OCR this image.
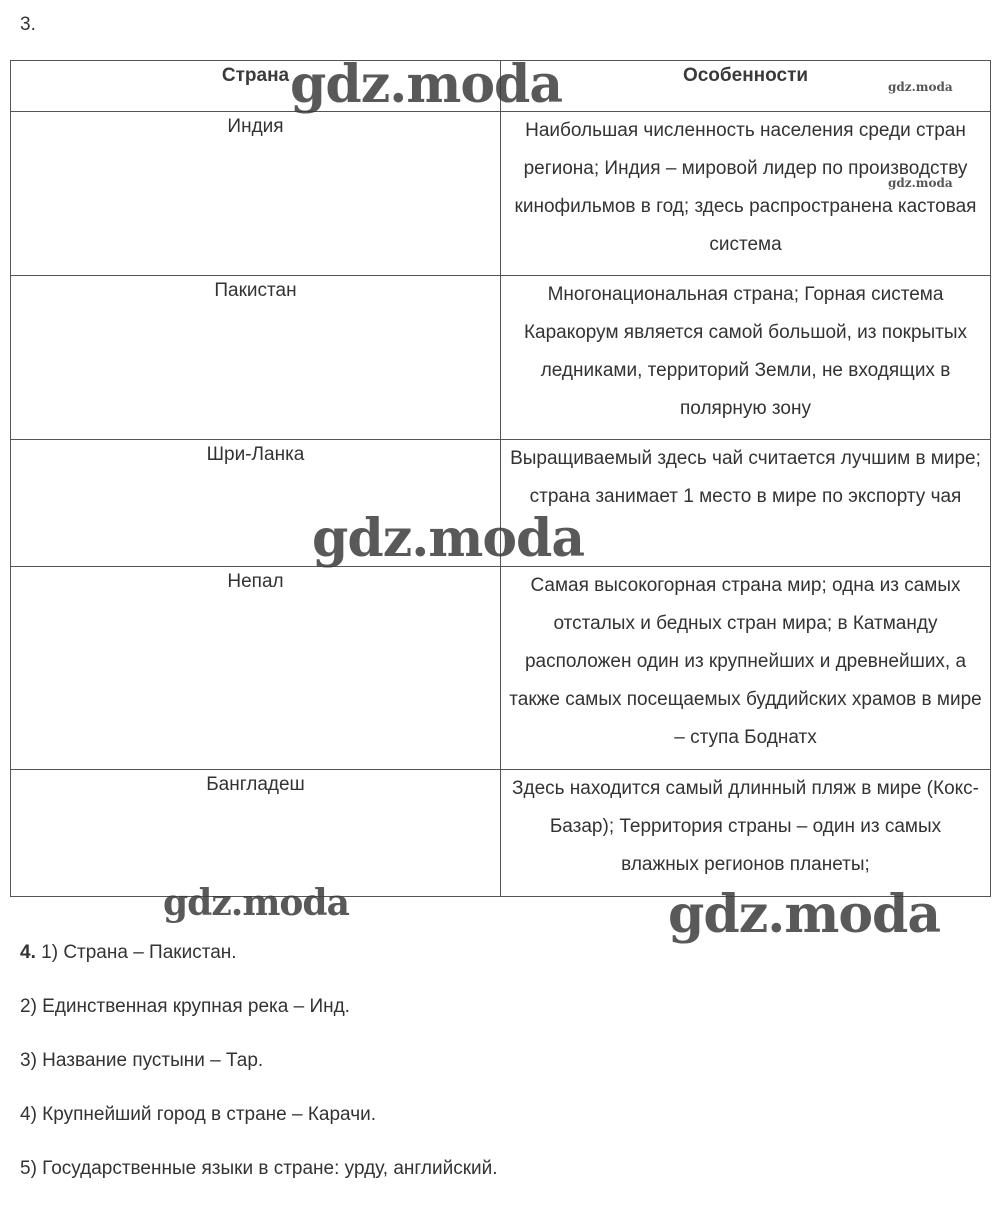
3.
Страна	Особенности
Индия	Наибольшая численность населения среди стран региона; Индия – мировой лидер по производству кинофильмов в год; здесь распространена кастовая система
Пакистан	Многонациональная страна; Горная система Каракорум является самой большой, из покрытых ледниками, территорий Земли, не входящих в полярную зону
Шри-Ланка	Выращиваемый здесь чай считается лучшим в мире; страна занимает 1 место в мире по экспорту чая
Непал	Самая высокогорная страна мир; одна из самых отсталых и бедных стран мира; в Катманду расположен один из крупнейших и древнейших, а также самых посещаемых буддийских храмов в мире – ступа Боднатх
Бангладеш	Здесь находится самый длинный пляж в мире (Кокс-Базар); Территория страны – один из самых влажных регионов планеты;
4. 1) Страна – Пакистан.
2) Единственная крупная река – Инд.
3) Название пустыни – Тар.
4) Крупнейший город в стране – Карачи.
5) Государственные языки в стране: урду, английский.
gdz.moda	gdz.moda
gdz.moda
gdz.moda
gdz.moda	gdz.moda
